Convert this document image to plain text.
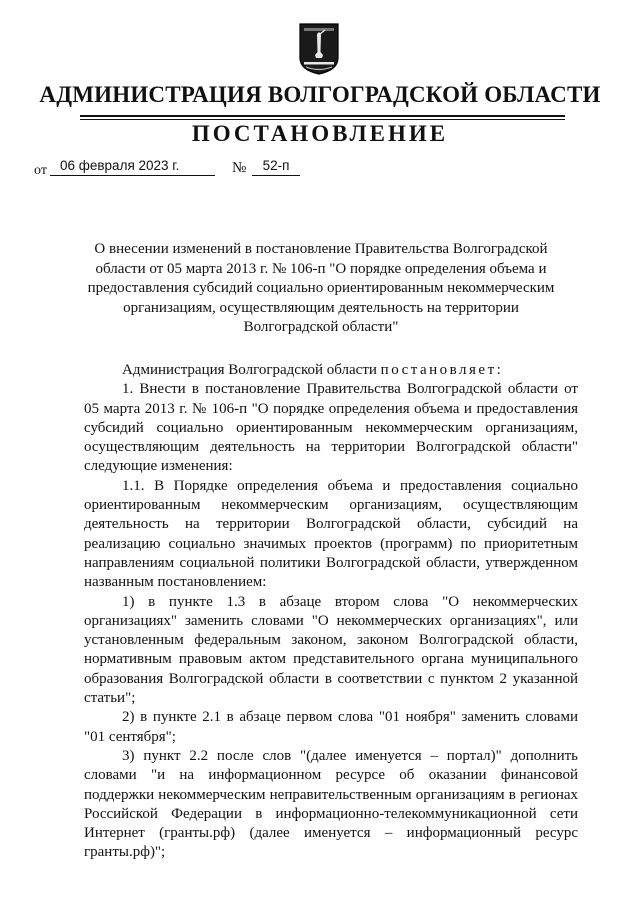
АДМИНИСТРАЦИЯ ВОЛГОГРАДСКОЙ ОБЛАСТИ
ПОСТАНОВЛЕНИЕ
от 06 февраля 2023 г.	№	52-п
О внесении изменений в постановление Правительства Волгоградской области от 05 марта 2013 г. № 106-п "О порядке определения объема и предоставления субсидий социально ориентированным некоммерческим организациям, осуществляющим деятельность на территории Волгоградской области"

Администрация Волгоградской области постановляет:

1. Внести в постановление Правительства Волгоградской области от 05 марта 2013 г. № 106-п "О порядке определения объема и предоставления субсидий социально ориентированным некоммерческим организациям, осуществляющим деятельность на территории Волгоградской области" следующие изменения:

1.1. В Порядке определения объема и предоставления социально ориентированным некоммерческим организациям, осуществляющим деятельность на территории Волгоградской области, субсидий на реализацию социально значимых проектов (программ) по приоритетным направлениям социальной политики Волгоградской области, утвержденном названным постановлением:

1) в пункте 1.3 в абзаце втором слова "О некоммерческих организациях" заменить словами "О некоммерческих организациях", или установленным федеральным законом, законом Волгоградской области, нормативным правовым актом представительного органа муниципального образования Волгоградской области в соответствии с пунктом 2 указанной статьи";

2) в пункте 2.1 в абзаце первом слова "01 ноября" заменить словами "01 сентября";

3) пункт 2.2 после слов "(далее именуется – портал)" дополнить словами "и на информационном ресурсе об оказании финансовой поддержки некоммерческим неправительственным организациям в регионах Российской Федерации в информационно-телекоммуникационной сети Интернет (гранты.рф) (далее именуется – информационный ресурс гранты.рф)";
